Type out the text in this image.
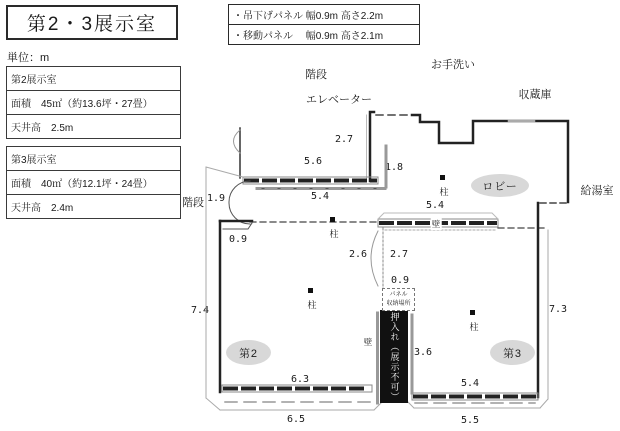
第2・3展示室
単位：m
・吊下げパネル 幅0.9m 高さ2.2m
・移動パネル　 幅0.9m 高さ2.1m
第2展示室
面積　45㎡（約13.6坪・27畳）
天井高　2.5m
第3展示室
面積　40㎡（約12.1坪・24畳）
天井高　2.4m
階段
エレベーター
お手洗い
収蔵庫
給湯室
階段
ロビー
第2	第3
2.7
5.6
1.8
5.4
1.9
0.9
5.4
2.6 2.7
0.9
3.6
7.4	7.3
6.3
6.5
5.4
5.5
壁
壁
柱
柱
柱
柱
押入れ（展示不可）
パネル
収納場所
